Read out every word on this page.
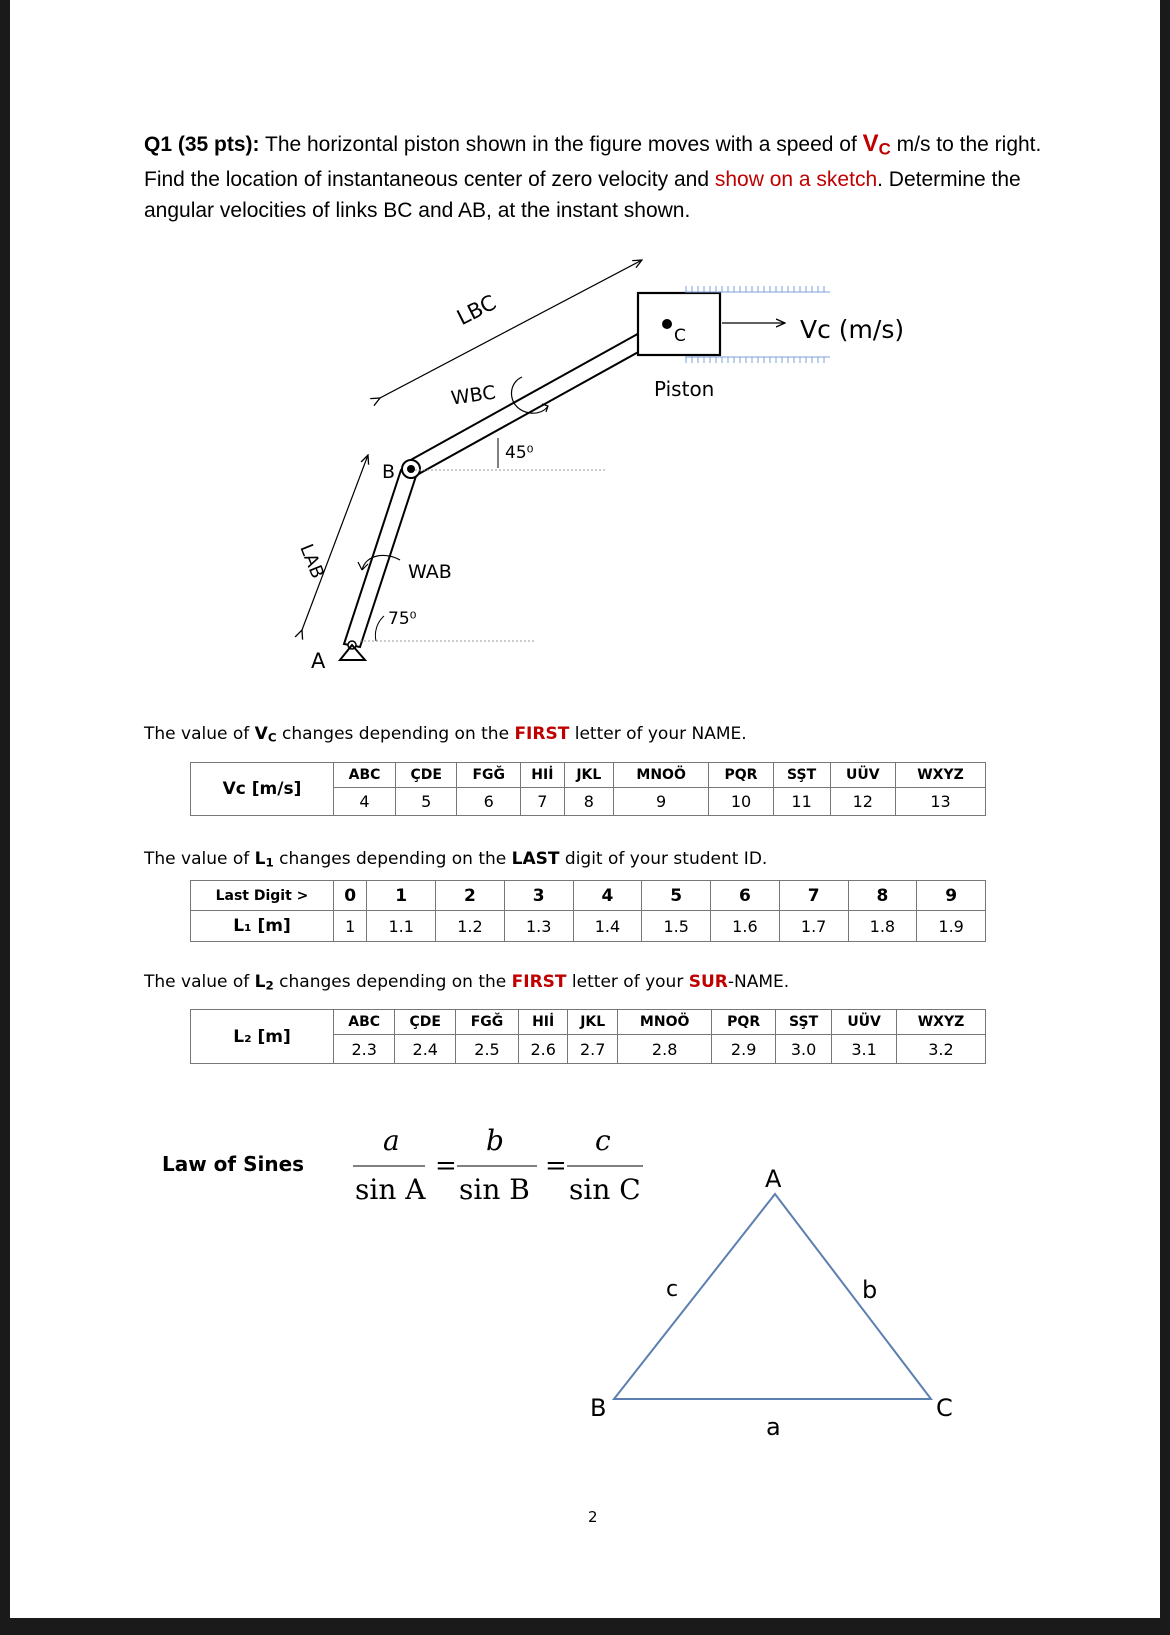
Q1 (35 pts): The horizontal piston shown in the figure moves with a speed of VC m/s to the right. Find the location of instantaneous center of zero velocity and show on a sketch. Determine the angular velocities of links BC and AB, at the instant shown.
LBC
WBC
45⁰
B
LAB	WAB
75⁰
A
C	Vc (m/s)
Piston
The value of VC changes depending on the FIRST letter of your NAME.
Vc [m/s]	ABC	ÇDE	FGĞ	HIİ	JKL	MNOÖ	PQR	SŞT	UÜV	WXYZ
	4	5	6	7	8	9	10	11	12	13
The value of L1 changes depending on the LAST digit of your student ID.
Last Digit >	0	1	2	3	4	5	6	7	8	9
L₁ [m]	1	1.1	1.2	1.3	1.4	1.5	1.6	1.7	1.8	1.9
The value of L2 changes depending on the FIRST letter of your SUR-NAME.
L₂ [m]	ABC	ÇDE	FGĞ	HIİ	JKL	MNOÖ	PQR	SŞT	UÜV	WXYZ
	2.3	2.4	2.5	2.6	2.7	2.8	2.9	3.0	3.1	3.2
Law of Sines
a
sin A
=
b
sin B
=
c
sin C	A
B	C
a
b
c
2
